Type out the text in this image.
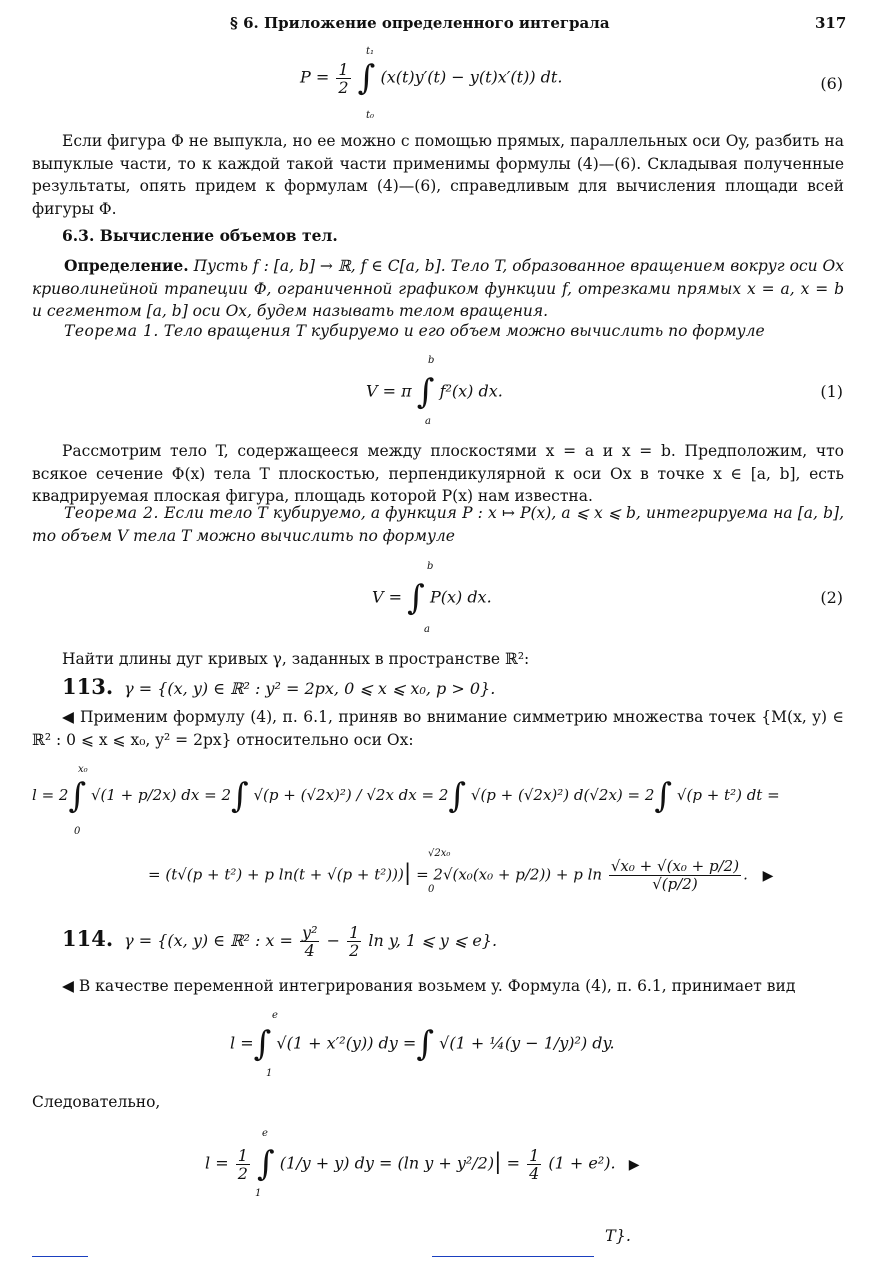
§ 6. Приложение определенного интеграла	317
$P = \frac{1}{2}$ ∫ (x(t)y′(t) − y(t)x′(t)) dt.
t₁
t₀
(6)
Если фигура Φ не выпукла, но ее можно с помощью прямых, параллельных оси Oy, разбить на выпуклые части, то к каждой такой части применимы формулы (4)—(6). Складывая полученные результаты, опять придем к формулам (4)—(6), справедливым для вычисления площади всей фигуры Φ.
6.3. Вычисление объемов тел.
Определение. Пусть f : [a, b] → ℝ, f ∈ C[a, b]. Тело T, образованное вращением вокруг оси Ox криволинейной трапеции Φ, ограниченной графиком функции f, отрезками прямых x = a, x = b и сегментом [a, b] оси Ox, будем называть телом вращения.
Теорема 1. Тело вращения T кубируемо и его объем можно вычислить по формуле
V = π ∫ f²(x) dx.
b
a
(1)
Рассмотрим тело T, содержащееся между плоскостями x = a и x = b. Предположим, что всякое сечение Φ(x) тела T плоскостью, перпендикулярной к оси Ox в точке x ∈ [a, b], есть квадрируемая плоская фигура, площадь которой P(x) нам известна.
Теорема 2. Если тело T кубируемо, а функция P : x ↦ P(x), a ⩽ x ⩽ b, интегрируема на [a, b], то объем V тела T можно вычислить по формуле
V = ∫ P(x) dx.
b
a
(2)
Найти длины дуг кривых γ, заданных в пространстве ℝ²:
113. γ = {(x, y) ∈ ℝ² : y² = 2px, 0 ⩽ x ⩽ x₀, p > 0}.
◀ Применим формулу (4), п. 6.1, приняв во внимание симметрию множества точек {M(x, y) ∈ ℝ² : 0 ⩽ x ⩽ x₀, y² = 2px} относительно оси Ox:
l = 2∫ √(1 + p/2x) dx = 2∫ √(p + (√2x)²) / √2x dx = 2∫ √(p + (√2x)²) d(√2x) = 2∫ √(p + t²) dt =
x₀
0
= (t√(p + t²) + p ln(t + √(p + t²)))| = 2√(x₀(x₀ + p/2)) + p $\ln \frac{\text{√x₀ + √(x₀ + p/2)}}{√(p/2)}$ . ▶
√2x₀
0
114. γ = {(x, y) ∈ ℝ² : $x = \frac{\text{y²}}{4} - \frac{1}{2}$ ln y, 1 ⩽ y ⩽ e}.
◀ В качестве переменной интегрирования возьмем y. Формула (4), п. 6.1, принимает вид
l =∫ √(1 + x′²(y)) dy =∫ √(1 + ¼(y − 1/y)²) dy.
e
1
Следовательно,
$l = \frac{1}{2}$ ∫ (1/y + y) dy = (ln $y + y^2/2)| = \frac{1}{4} (1 + e^2)$. ▶
e
1
T}.
